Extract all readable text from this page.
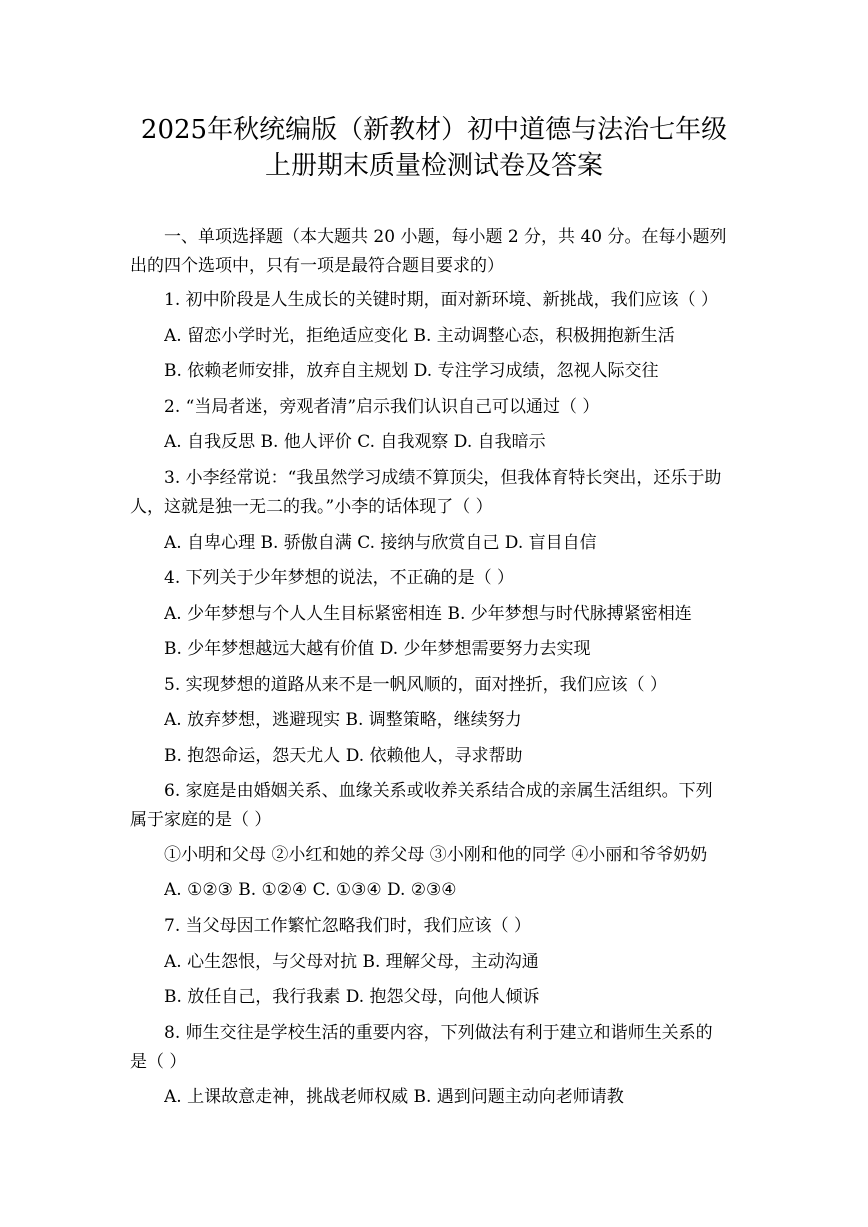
2025年秋统编版（新教材）初中道德与法治七年级
上册期末质量检测试卷及答案
一、单项选择题（本大题共 20 小题，每小题 2 分，共 40 分。在每小题列
出的四个选项中，只有一项是最符合题目要求的）
1. 初中阶段是人生成长的关键时期，面对新环境、新挑战，我们应该（ ）
A. 留恋小学时光，拒绝适应变化 B. 主动调整心态，积极拥抱新生活
B. 依赖老师安排，放弃自主规划 D. 专注学习成绩，忽视人际交往
2. “当局者迷，旁观者清”启示我们认识自己可以通过（ ）
A. 自我反思 B. 他人评价 C. 自我观察 D. 自我暗示
3. 小李经常说：“我虽然学习成绩不算顶尖，但我体育特长突出，还乐于助
人，这就是独一无二的我。”小李的话体现了（ ）
A. 自卑心理 B. 骄傲自满 C. 接纳与欣赏自己 D. 盲目自信
4. 下列关于少年梦想的说法，不正确的是（ ）
A. 少年梦想与个人人生目标紧密相连 B. 少年梦想与时代脉搏紧密相连
B. 少年梦想越远大越有价值 D. 少年梦想需要努力去实现
5. 实现梦想的道路从来不是一帆风顺的，面对挫折，我们应该（ ）
A. 放弃梦想，逃避现实 B. 调整策略，继续努力
B. 抱怨命运，怨天尤人 D. 依赖他人，寻求帮助
6. 家庭是由婚姻关系、血缘关系或收养关系结合成的亲属生活组织。下列
属于家庭的是（ ）
①小明和父母 ②小红和她的养父母 ③小刚和他的同学 ④小丽和爷爷奶奶
A. ①②③ B. ①②④ C. ①③④ D. ②③④
7. 当父母因工作繁忙忽略我们时，我们应该（ ）
A. 心生怨恨，与父母对抗 B. 理解父母，主动沟通
B. 放任自己，我行我素 D. 抱怨父母，向他人倾诉
8. 师生交往是学校生活的重要内容，下列做法有利于建立和谐师生关系的
是（ ）
A. 上课故意走神，挑战老师权威 B. 遇到问题主动向老师请教
